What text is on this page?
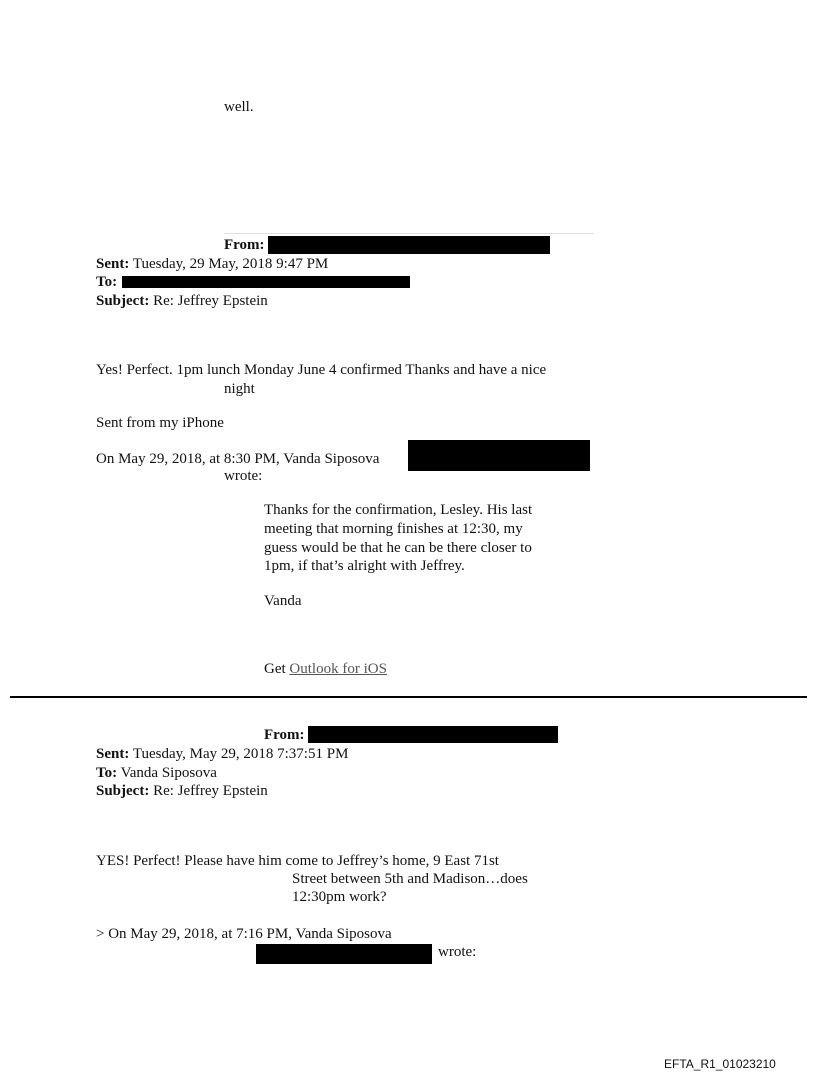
well.
From:
Sent: Tuesday, 29 May, 2018 9:47 PM
To:
Subject: Re: Jeffrey Epstein
Yes! Perfect. 1pm lunch Monday June 4 confirmed Thanks and have a nice
night
Sent from my iPhone
On May 29, 2018, at 8:30 PM, Vanda Siposova
wrote:
Thanks for the confirmation, Lesley. His last
meeting that morning finishes at 12:30, my
guess would be that he can be there closer to
1pm, if that’s alright with Jeffrey.
Vanda
Get Outlook for iOS
From:
Sent: Tuesday, May 29, 2018 7:37:51 PM
To: Vanda Siposova
Subject: Re: Jeffrey Epstein
YES! Perfect! Please have him come to Jeffrey’s home, 9 East 71st
Street between 5th and Madison…does
12:30pm work?
> On May 29, 2018, at 7:16 PM, Vanda Siposova
wrote:
EFTA_R1_01023210
